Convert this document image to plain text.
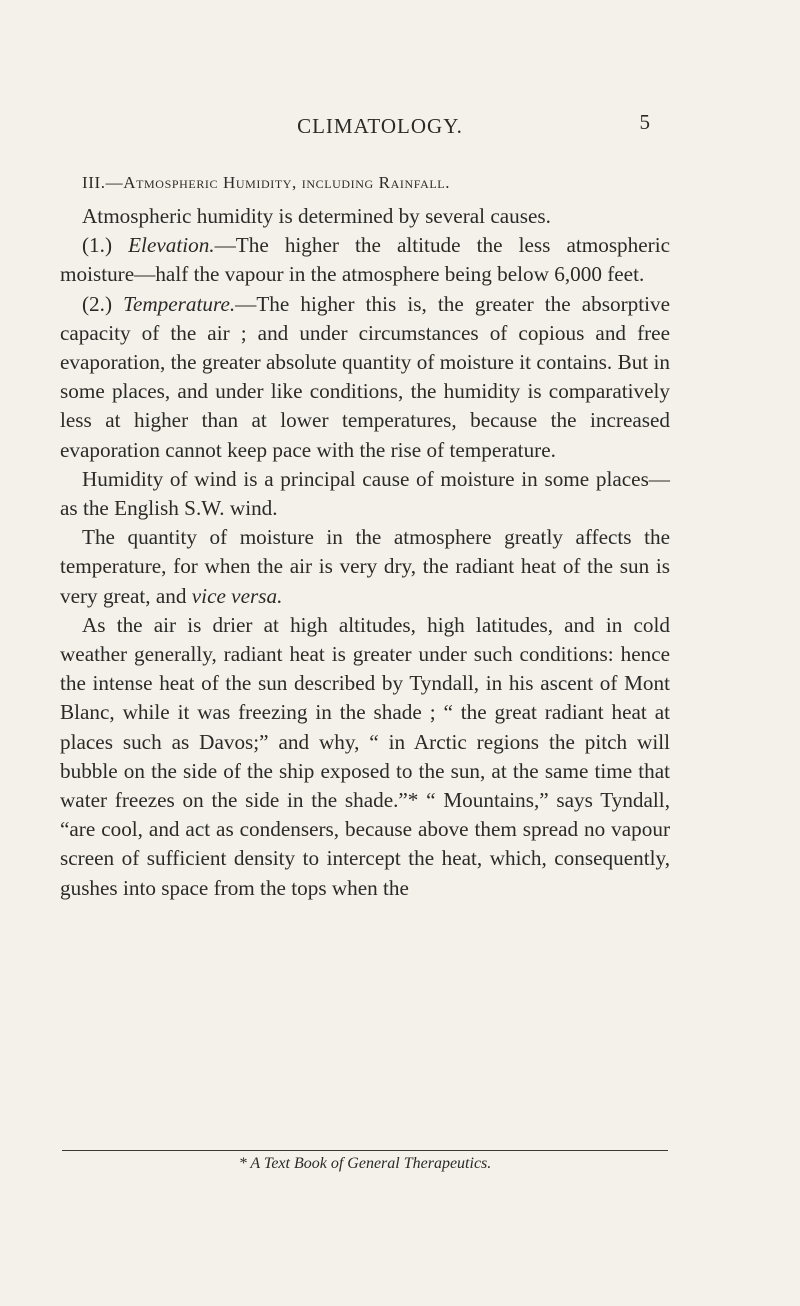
CLIMATOLOGY.	5
III.—Atmospheric Humidity, including Rainfall.

Atmospheric humidity is determined by several causes.

(1.) Elevation.—The higher the altitude the less atmospheric moisture—half the vapour in the atmosphere being below 6,000 feet.

(2.) Temperature.—The higher this is, the greater the absorptive capacity of the air ; and under circumstances of copious and free evaporation, the greater absolute quantity of moisture it contains. But in some places, and under like conditions, the humidity is comparatively less at higher than at lower temperatures, because the increased evaporation cannot keep pace with the rise of temperature.

Humidity of wind is a principal cause of moisture in some places—as the English S.W. wind.

The quantity of moisture in the atmosphere greatly affects the temperature, for when the air is very dry, the radiant heat of the sun is very great, and vice versa.

As the air is drier at high altitudes, high latitudes, and in cold weather generally, radiant heat is greater under such conditions: hence the intense heat of the sun described by Tyndall, in his ascent of Mont Blanc, while it was freezing in the shade ; “ the great radiant heat at places such as Davos;” and why, “ in Arctic regions the pitch will bubble on the side of the ship exposed to the sun, at the same time that water freezes on the side in the shade.”* “ Mountains,” says Tyndall, “are cool, and act as condensers, because above them spread no vapour screen of sufficient density to intercept the heat, which, consequently, gushes into space from the tops when the

* A Text Book of General Therapeutics.
